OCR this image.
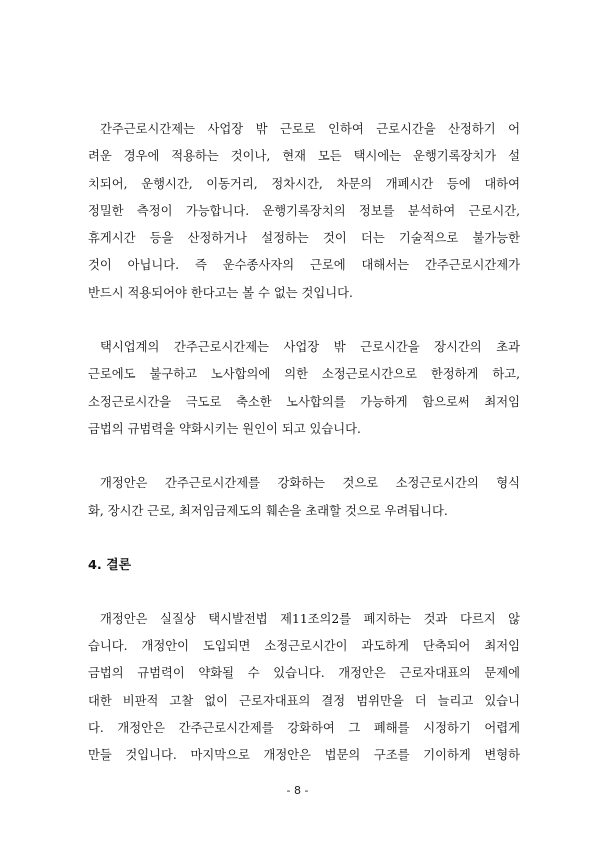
간주근로시간제는 사업장 밖 근로로 인하여 근로시간을 산정하기 어
려운 경우에 적용하는 것이나, 현재 모든 택시에는 운행기록장치가 설
치되어, 운행시간, 이동거리, 정차시간, 차문의 개폐시간 등에 대하여
정밀한 측정이 가능합니다. 운행기록장치의 정보를 분석하여 근로시간,
휴게시간 등을 산정하거나 설정하는 것이 더는 기술적으로 불가능한
것이 아닙니다. 즉 운수종사자의 근로에 대해서는 간주근로시간제가
반드시 적용되어야 한다고는 볼 수 없는 것입니다.

택시업계의 간주근로시간제는 사업장 밖 근로시간을 장시간의 초과
근로에도 불구하고 노사합의에 의한 소정근로시간으로 한정하게 하고,
소정근로시간을 극도로 축소한 노사합의를 가능하게 함으로써 최저임
금법의 규범력을 약화시키는 원인이 되고 있습니다.

개정안은 간주근로시간제를 강화하는 것으로 소정근로시간의 형식
화, 장시간 근로, 최저임금제도의 훼손을 초래할 것으로 우려됩니다.

4. 결론

개정안은 실질상 택시발전법 제11조의2를 폐지하는 것과 다르지 않
습니다. 개정안이 도입되면 소정근로시간이 과도하게 단축되어 최저임
금법의 규범력이 약화될 수 있습니다. 개정안은 근로자대표의 문제에
대한 비판적 고찰 없이 근로자대표의 결정 범위만을 더 늘리고 있습니
다. 개정안은 간주근로시간제를 강화하여 그 폐해를 시정하기 어렵게
만들 것입니다. 마지막으로 개정안은 법문의 구조를 기이하게 변형하

- 8 -
